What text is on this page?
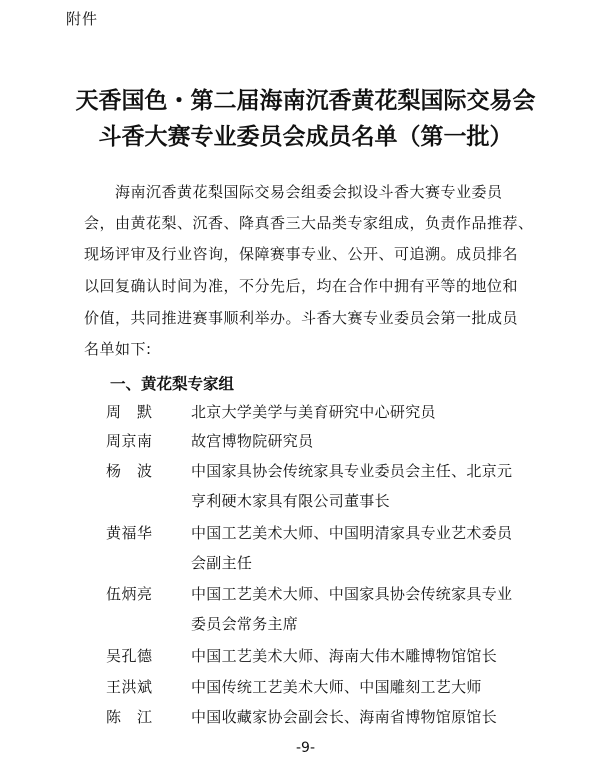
附件
天香国色・第二届海南沉香黄花梨国际交易会
斗香大赛专业委员会成员名单（第一批）
　　海南沉香黄花梨国际交易会组委会拟设斗香大赛专业委员
会，由黄花梨、沉香、降真香三大品类专家组成，负责作品推荐、
现场评审及行业咨询，保障赛事专业、公开、可追溯。成员排名
以回复确认时间为准，不分先后，均在合作中拥有平等的地位和
价值，共同推进赛事顺利举办。斗香大赛专业委员会第一批成员
名单如下:
一、黄花梨专家组
周　默	北京大学美学与美育研究中心研究员
周京南	故宫博物院研究员
杨　波	中国家具协会传统家具专业委员会主任、北京元
亨利硬木家具有限公司董事长
黄福华	中国工艺美术大师、中国明清家具专业艺术委员
会副主任
伍炳亮	中国工艺美术大师、中国家具协会传统家具专业
委员会常务主席
吴孔德	中国工艺美术大师、海南大伟木雕博物馆馆长
王洪斌	中国传统工艺美术大师、中国雕刻工艺大师
陈　江	中国收藏家协会副会长、海南省博物馆原馆长
-9-
